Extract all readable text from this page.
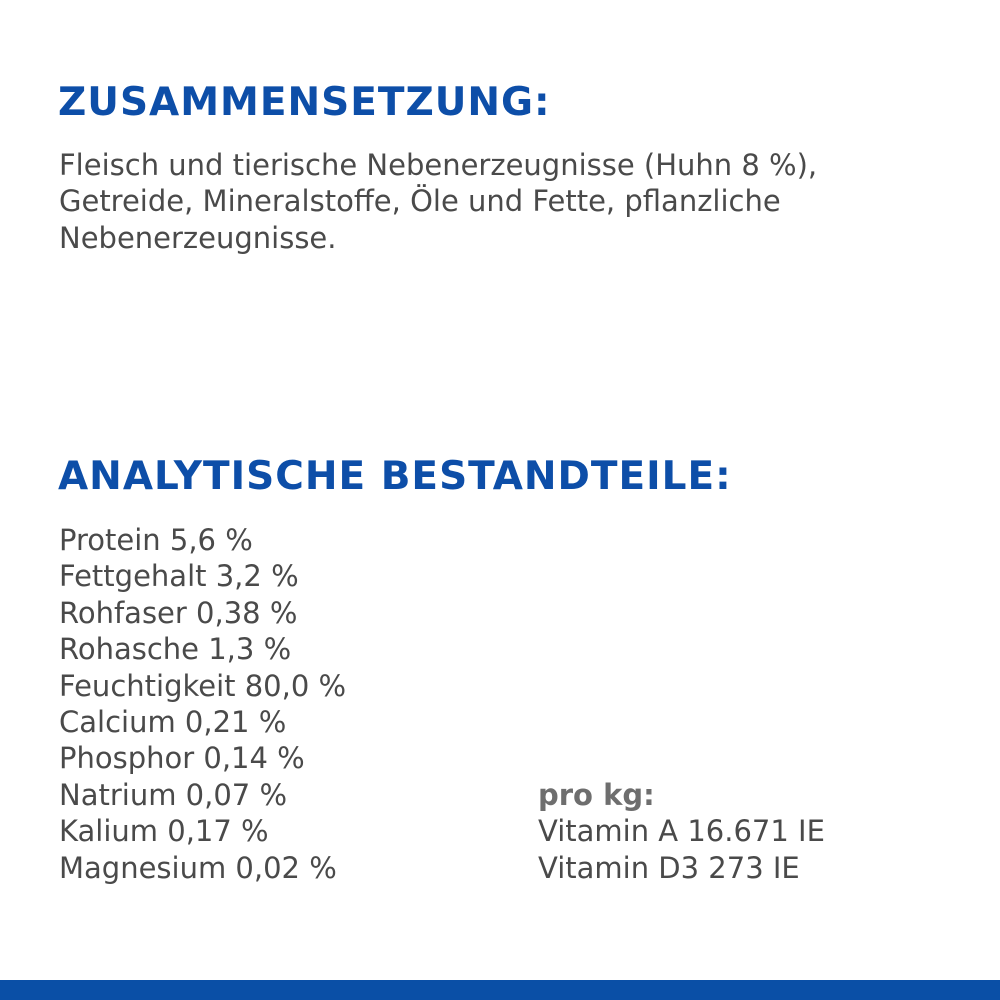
ZUSAMMENSETZUNG:
Fleisch und tierische Nebenerzeugnisse (Huhn 8 %),
Getreide, Mineralstoffe, Öle und Fette, pflanzliche
Nebenerzeugnisse.
ANALYTISCHE BESTANDTEILE:
Protein 5,6 %
Fettgehalt 3,2 %
Rohfaser 0,38 %
Rohasche 1,3 %
Feuchtigkeit 80,0 %
Calcium 0,21 %
Phosphor 0,14 %
Natrium 0,07 %
Kalium 0,17 %
Magnesium 0,02 %
pro kg:
Vitamin A 16.671 IE
Vitamin D3 273 IE
